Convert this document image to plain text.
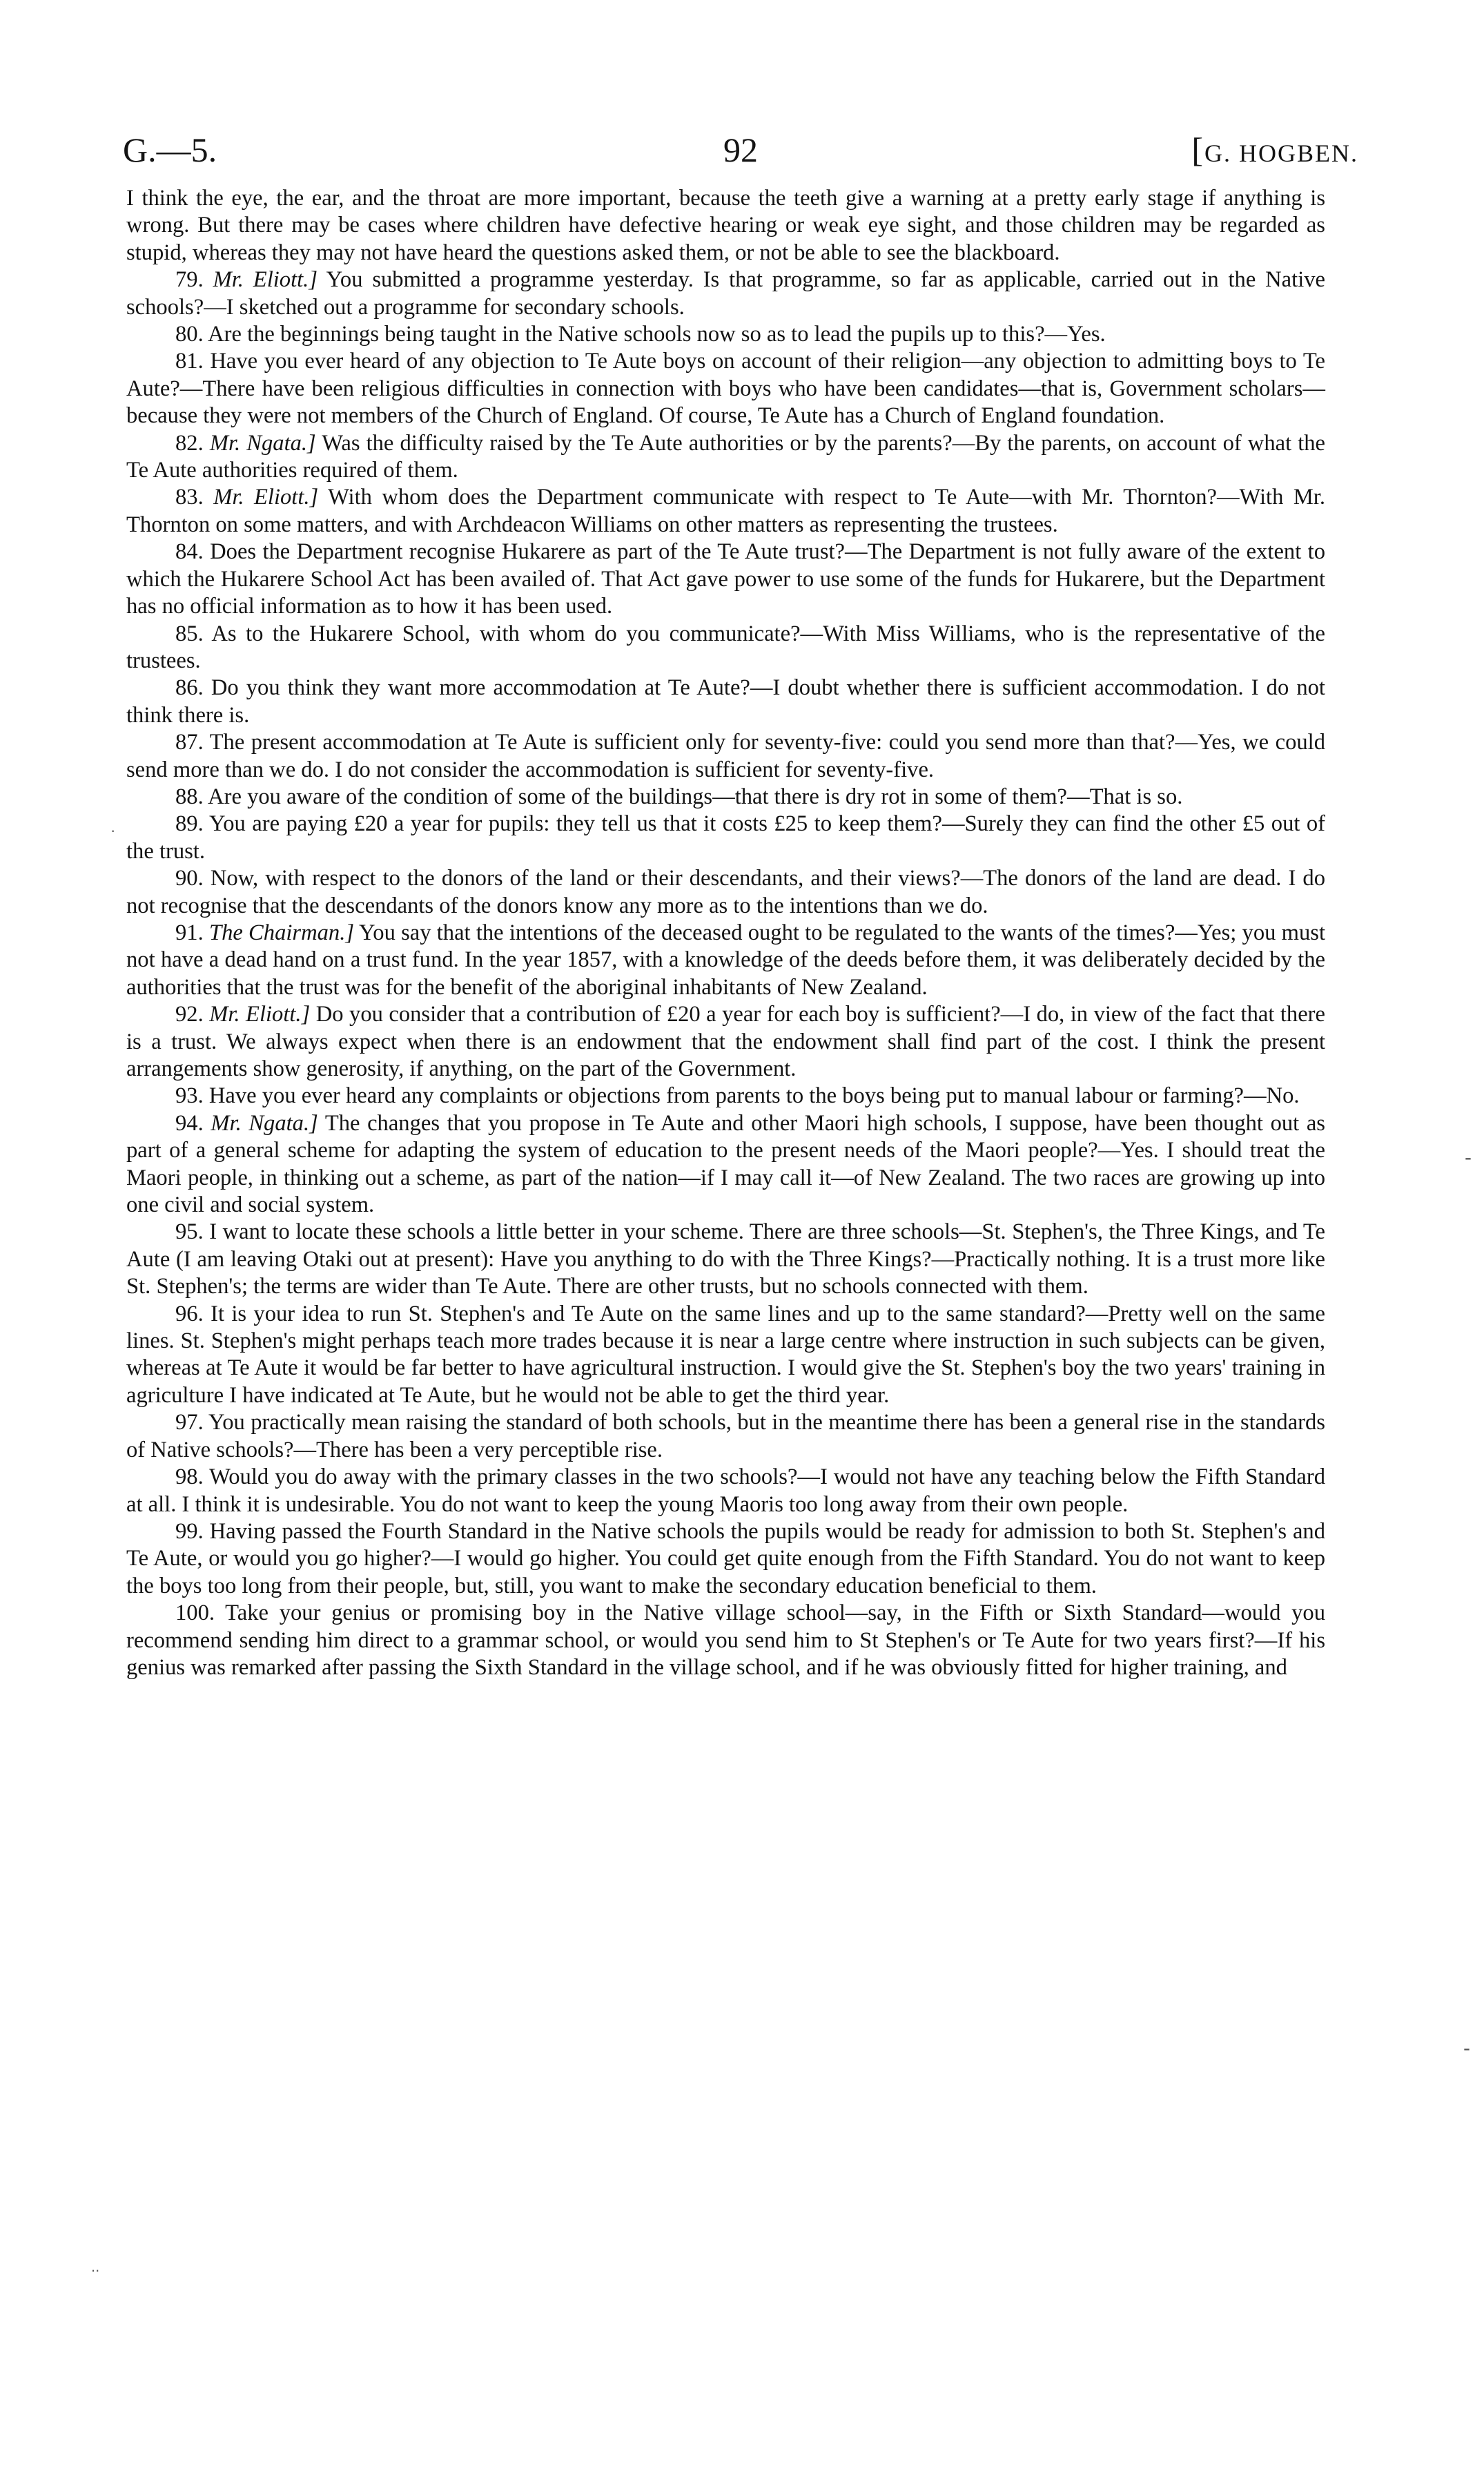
G.—5.	92	[G. HOGBEN.

I think the eye, the ear, and the throat are more important, because the teeth give a warning at a pretty early stage if anything is wrong. But there may be cases where children have defective hearing or weak eye sight, and those children may be regarded as stupid, whereas they may not have heard the questions asked them, or not be able to see the blackboard.

79. Mr. Eliott.] You submitted a programme yesterday. Is that programme, so far as applicable, carried out in the Native schools?—I sketched out a programme for secondary schools.

80. Are the beginnings being taught in the Native schools now so as to lead the pupils up to this?—Yes.

81. Have you ever heard of any objection to Te Aute boys on account of their religion—any objection to admitting boys to Te Aute?—There have been religious difficulties in connection with boys who have been candidates—that is, Government scholars—because they were not members of the Church of England. Of course, Te Aute has a Church of England foundation.

82. Mr. Ngata.] Was the difficulty raised by the Te Aute authorities or by the parents?—By the parents, on account of what the Te Aute authorities required of them.

83. Mr. Eliott.] With whom does the Department communicate with respect to Te Aute—with Mr. Thornton?—With Mr. Thornton on some matters, and with Archdeacon Williams on other matters as representing the trustees.

84. Does the Department recognise Hukarere as part of the Te Aute trust?—The Department is not fully aware of the extent to which the Hukarere School Act has been availed of. That Act gave power to use some of the funds for Hukarere, but the Department has no official information as to how it has been used.

85. As to the Hukarere School, with whom do you communicate?—With Miss Williams, who is the representative of the trustees.

86. Do you think they want more accommodation at Te Aute?—I doubt whether there is sufficient accommodation. I do not think there is.

87. The present accommodation at Te Aute is sufficient only for seventy-five: could you send more than that?—Yes, we could send more than we do. I do not consider the accommodation is sufficient for seventy-five.

88. Are you aware of the condition of some of the buildings—that there is dry rot in some of them?—That is so.

89. You are paying £20 a year for pupils: they tell us that it costs £25 to keep them?—Surely they can find the other £5 out of the trust.

90. Now, with respect to the donors of the land or their descendants, and their views?—The donors of the land are dead. I do not recognise that the descendants of the donors know any more as to the intentions than we do.

91. The Chairman.] You say that the intentions of the deceased ought to be regulated to the wants of the times?—Yes; you must not have a dead hand on a trust fund. In the year 1857, with a knowledge of the deeds before them, it was deliberately decided by the authorities that the trust was for the benefit of the aboriginal inhabitants of New Zealand.

92. Mr. Eliott.] Do you consider that a contribution of £20 a year for each boy is sufficient?—I do, in view of the fact that there is a trust. We always expect when there is an endowment that the endowment shall find part of the cost. I think the present arrangements show generosity, if anything, on the part of the Government.

93. Have you ever heard any complaints or objections from parents to the boys being put to manual labour or farming?—No.

94. Mr. Ngata.] The changes that you propose in Te Aute and other Maori high schools, I suppose, have been thought out as part of a general scheme for adapting the system of education to the present needs of the Maori people?—Yes. I should treat the Maori people, in thinking out a scheme, as part of the nation—if I may call it—of New Zealand. The two races are growing up into one civil and social system.

95. I want to locate these schools a little better in your scheme. There are three schools—St. Stephen's, the Three Kings, and Te Aute (I am leaving Otaki out at present): Have you anything to do with the Three Kings?—Practically nothing. It is a trust more like St. Stephen's; the terms are wider than Te Aute. There are other trusts, but no schools connected with them.

96. It is your idea to run St. Stephen's and Te Aute on the same lines and up to the same standard?—Pretty well on the same lines. St. Stephen's might perhaps teach more trades because it is near a large centre where instruction in such subjects can be given, whereas at Te Aute it would be far better to have agricultural instruction. I would give the St. Stephen's boy the two years' training in agriculture I have indicated at Te Aute, but he would not be able to get the third year.

97. You practically mean raising the standard of both schools, but in the meantime there has been a general rise in the standards of Native schools?—There has been a very perceptible rise.

98. Would you do away with the primary classes in the two schools?—I would not have any teaching below the Fifth Standard at all. I think it is undesirable. You do not want to keep the young Maoris too long away from their own people.

99. Having passed the Fourth Standard in the Native schools the pupils would be ready for admission to both St. Stephen's and Te Aute, or would you go higher?—I would go higher. You could get quite enough from the Fifth Standard. You do not want to keep the boys too long from their people, but, still, you want to make the secondary education beneficial to them.

100. Take your genius or promising boy in the Native village school—say, in the Fifth or Sixth Standard—would you recommend sending him direct to a grammar school, or would you send him to St Stephen's or Te Aute for two years first?—If his genius was remarked after passing the Sixth Standard in the village school, and if he was obviously fitted for higher training, and

-
-
·
..
